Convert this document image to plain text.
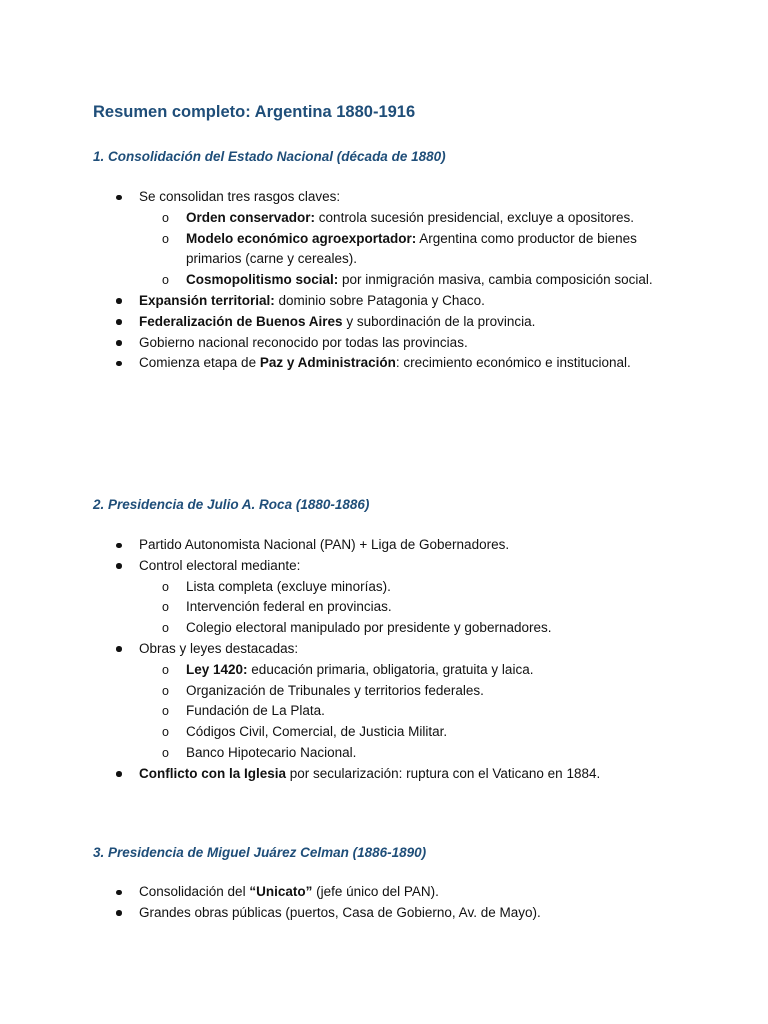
Resumen completo: Argentina 1880-1916
1. Consolidación del Estado Nacional (década de 1880)
Se consolidan tres rasgos claves:
o Orden conservador: controla sucesión presidencial, excluye a opositores.
o Modelo económico agroexportador: Argentina como productor de bienes primarios (carne y cereales).
o Cosmopolitismo social: por inmigración masiva, cambia composición social.
Expansión territorial: dominio sobre Patagonia y Chaco.
Federalización de Buenos Aires y subordinación de la provincia.
Gobierno nacional reconocido por todas las provincias.
Comienza etapa de Paz y Administración: crecimiento económico e institucional.
2. Presidencia de Julio A. Roca (1880-1886)
Partido Autonomista Nacional (PAN) + Liga de Gobernadores.
Control electoral mediante:
o Lista completa (excluye minorías).
o Intervención federal en provincias.
o Colegio electoral manipulado por presidente y gobernadores.
Obras y leyes destacadas:
o Ley 1420: educación primaria, obligatoria, gratuita y laica.
o Organización de Tribunales y territorios federales.
o Fundación de La Plata.
o Códigos Civil, Comercial, de Justicia Militar.
o Banco Hipotecario Nacional.
Conflicto con la Iglesia por secularización: ruptura con el Vaticano en 1884.
3. Presidencia de Miguel Juárez Celman (1886-1890)
Consolidación del “Unicato” (jefe único del PAN).
Grandes obras públicas (puertos, Casa de Gobierno, Av. de Mayo).
